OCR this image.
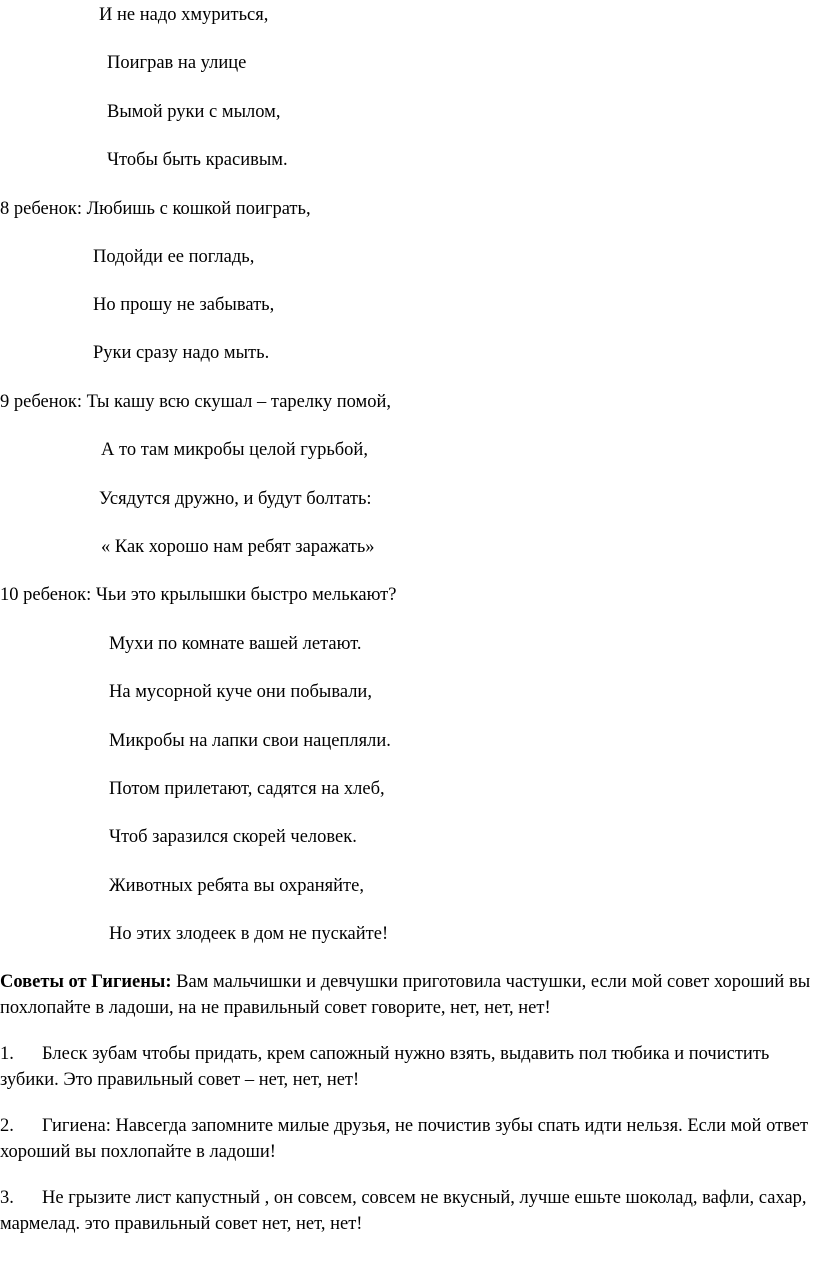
И не надо хмуриться,
Поиграв на улице
Вымой руки с мылом,
Чтобы быть красивым.
8 ребенок: Любишь с кошкой поиграть,
Подойди ее погладь,
Но прошу не забывать,
Руки сразу надо мыть.
9 ребенок: Ты кашу всю скушал – тарелку помой,
А то там микробы целой гурьбой,
Усядутся дружно, и будут болтать:
« Как хорошо нам ребят заражать»
10 ребенок: Чьи это крылышки быстро мелькают?
Мухи по комнате вашей летают.
На мусорной куче они побывали,
Микробы на лапки свои нацепляли.
Потом прилетают, садятся на хлеб,
Чтоб заразился скорей человек.
Животных ребята вы охраняйте,
Но этих злодеек в дом не пускайте!
Советы от Гигиены: Вам мальчишки и девчушки приготовила частушки, если мой совет хороший вы похлопайте в ладоши, на не правильный совет говорите, нет, нет, нет!
1. Блеск зубам чтобы придать, крем сапожный нужно взять, выдавить пол тюбика и почистить зубики. Это правильный совет – нет, нет, нет!
2. Гигиена: Навсегда запомните милые друзья, не почистив зубы спать идти нельзя. Если мой ответ хороший вы похлопайте в ладоши!
3. Не грызите лист капустный , он совсем, совсем не вкусный, лучше ешьте шоколад, вафли, сахар, мармелад. это правильный совет нет, нет, нет!
